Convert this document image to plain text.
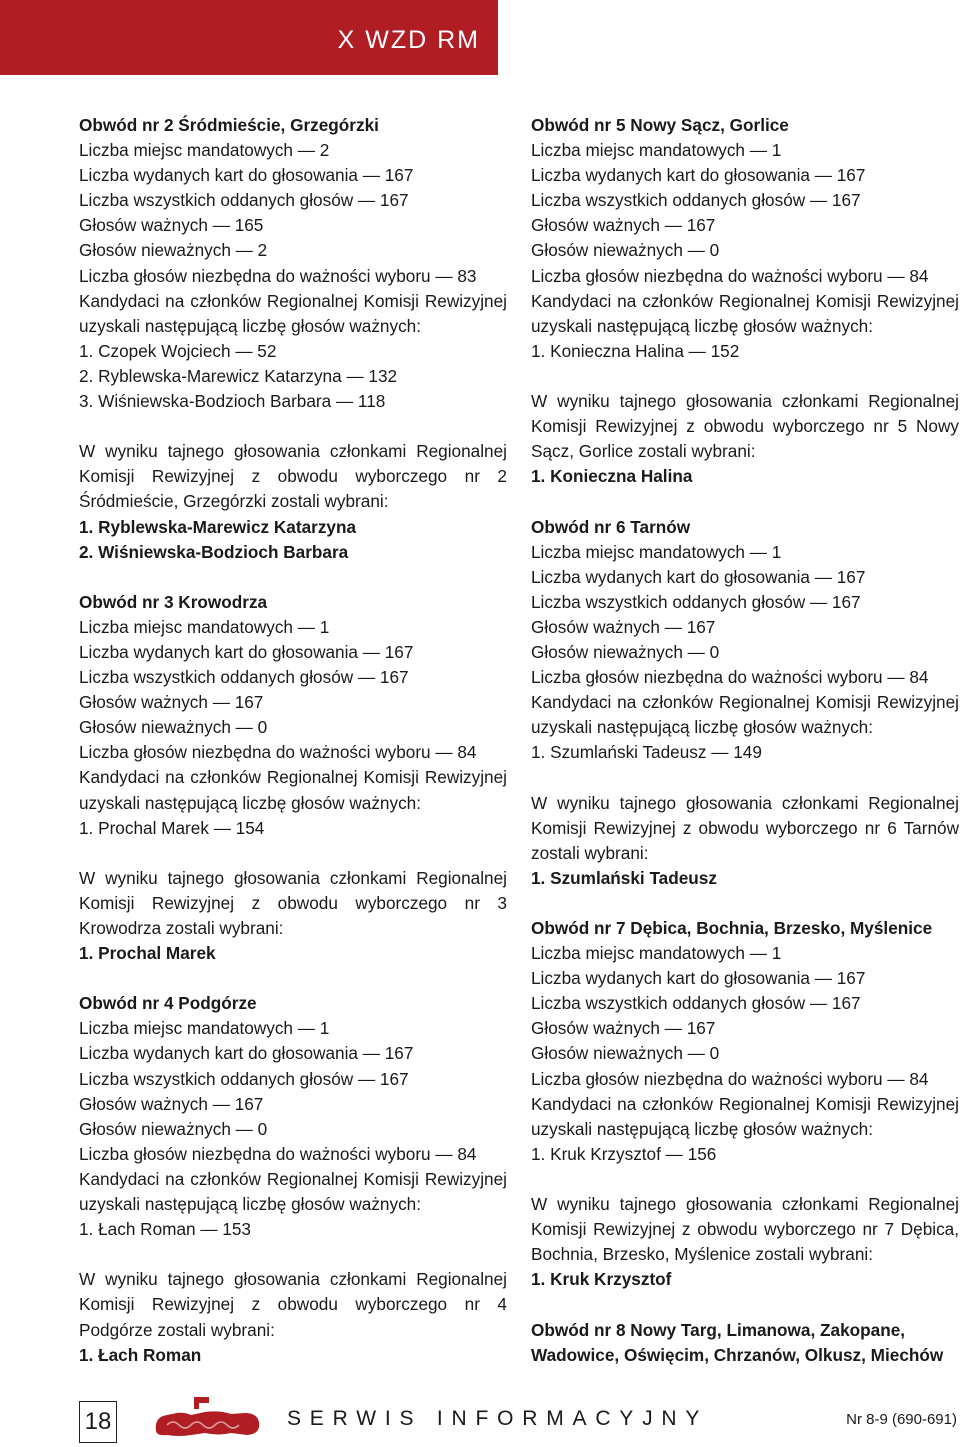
X WZD RM

Obwód nr 2 Śródmieście, Grzegórzki

Liczba miejsc mandatowych — 2

Liczba wydanych kart do głosowania — 167

Liczba wszystkich oddanych głosów — 167

Głosów ważnych — 165

Głosów nieważnych — 2

Liczba głosów niezbędna do ważności wyboru — 83

Kandydaci na członków Regionalnej Komisji Rewizyjnej uzyskali następującą liczbę głosów ważnych:

1. Czopek Wojciech — 52

2. Ryblewska-Marewicz Katarzyna — 132

3. Wiśniewska-Bodzioch Barbara — 118

W wyniku tajnego głosowania członkami Regionalnej Komisji Rewizyjnej z obwodu wyborczego nr 2 Śródmieście, Grzegórzki zostali wybrani:

1. Ryblewska-Marewicz Katarzyna

2. Wiśniewska-Bodzioch Barbara

Obwód nr 3 Krowodrza

Liczba miejsc mandatowych — 1

Liczba wydanych kart do głosowania — 167

Liczba wszystkich oddanych głosów — 167

Głosów ważnych — 167

Głosów nieważnych — 0

Liczba głosów niezbędna do ważności wyboru — 84

Kandydaci na członków Regionalnej Komisji Rewizyjnej uzyskali następującą liczbę głosów ważnych:

1. Prochal Marek — 154

W wyniku tajnego głosowania członkami Regionalnej Komisji Rewizyjnej z obwodu wyborczego nr 3 Krowodrza zostali wybrani:

1. Prochal Marek

Obwód nr 4 Podgórze

Liczba miejsc mandatowych — 1

Liczba wydanych kart do głosowania — 167

Liczba wszystkich oddanych głosów — 167

Głosów ważnych — 167

Głosów nieważnych — 0

Liczba głosów niezbędna do ważności wyboru — 84

Kandydaci na członków Regionalnej Komisji Rewizyjnej uzyskali następującą liczbę głosów ważnych:

1. Łach Roman — 153

W wyniku tajnego głosowania członkami Regionalnej Komisji Rewizyjnej z obwodu wyborczego nr 4 Podgórze zostali wybrani:

1. Łach Roman

Obwód nr 5 Nowy Sącz, Gorlice

Liczba miejsc mandatowych — 1

Liczba wydanych kart do głosowania — 167

Liczba wszystkich oddanych głosów — 167

Głosów ważnych — 167

Głosów nieważnych — 0

Liczba głosów niezbędna do ważności wyboru — 84

Kandydaci na członków Regionalnej Komisji Rewizyjnej uzyskali następującą liczbę głosów ważnych:

1. Konieczna Halina — 152

W wyniku tajnego głosowania członkami Regionalnej Komisji Rewizyjnej z obwodu wyborczego nr 5 Nowy Sącz, Gorlice zostali wybrani:

1. Konieczna Halina

Obwód nr 6 Tarnów

Liczba miejsc mandatowych — 1

Liczba wydanych kart do głosowania — 167

Liczba wszystkich oddanych głosów — 167

Głosów ważnych — 167

Głosów nieważnych — 0

Liczba głosów niezbędna do ważności wyboru — 84

Kandydaci na członków Regionalnej Komisji Rewizyjnej uzyskali następującą liczbę głosów ważnych:

1. Szumlański Tadeusz — 149

W wyniku tajnego głosowania członkami Regionalnej Komisji Rewizyjnej z obwodu wyborczego nr 6 Tarnów zostali wybrani:

1. Szumlański Tadeusz

Obwód nr 7 Dębica, Bochnia, Brzesko, Myślenice

Liczba miejsc mandatowych — 1

Liczba wydanych kart do głosowania — 167

Liczba wszystkich oddanych głosów — 167

Głosów ważnych — 167

Głosów nieważnych — 0

Liczba głosów niezbędna do ważności wyboru — 84

Kandydaci na członków Regionalnej Komisji Rewizyjnej uzyskali następującą liczbę głosów ważnych:

1. Kruk Krzysztof — 156

W wyniku tajnego głosowania członkami Regionalnej Komisji Rewizyjnej z obwodu wyborczego nr 7 Dębica, Bochnia, Brzesko, Myślenice zostali wybrani:

1. Kruk Krzysztof

Obwód nr 8 Nowy Targ, Limanowa, Zakopane, Wadowice, Oświęcim, Chrzanów, Olkusz, Miechów

18	SERWIS INFORMACYJNY	Nr 8-9 (690-691)
